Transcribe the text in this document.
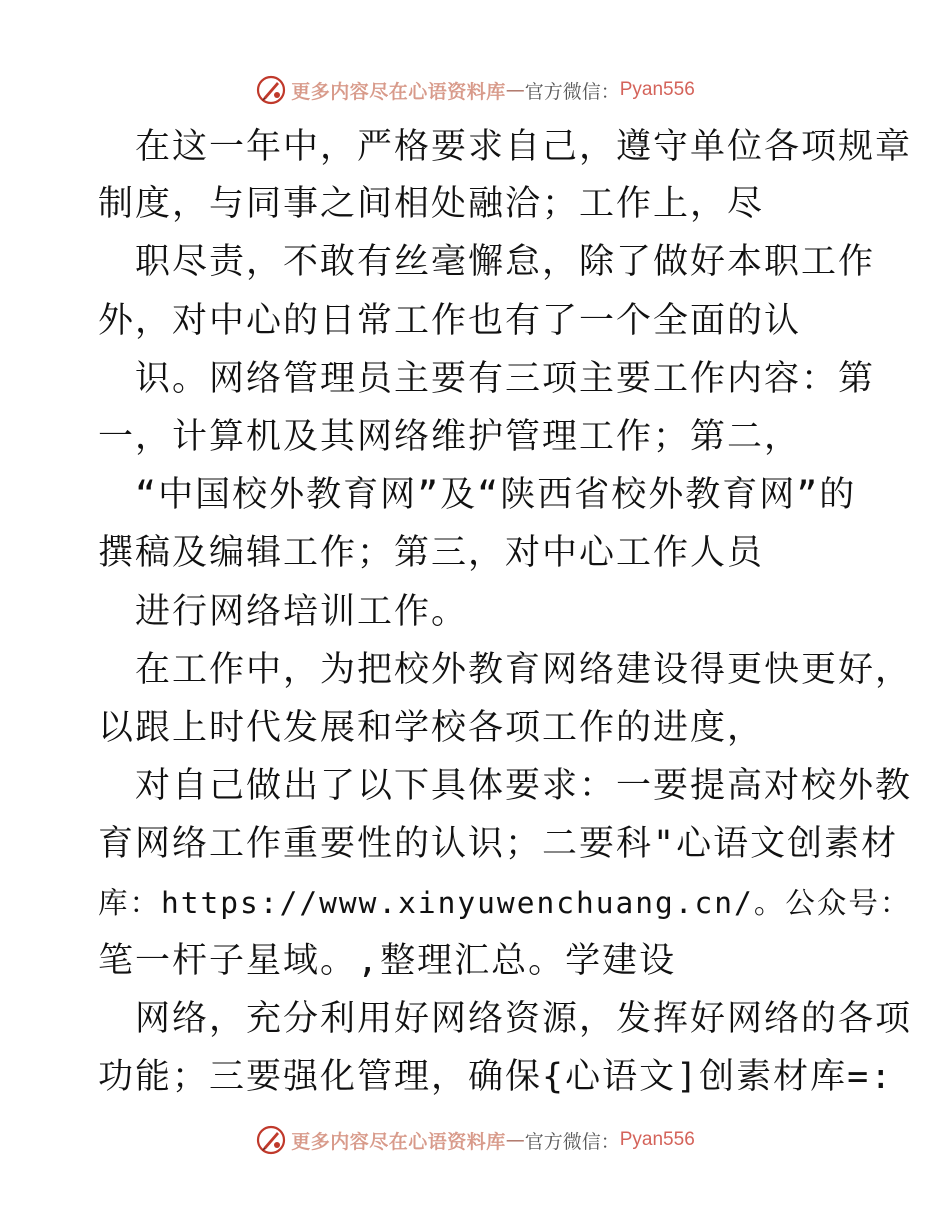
更多内容尽在心语资料库 — 官方微信： Pyan556
　在这一年中，严格要求自己，遵守单位各项规章
制度，与同事之间相处融洽；工作上，尽
　职尽责，不敢有丝毫懈怠，除了做好本职工作
外，对中心的日常工作也有了一个全面的认
　识。网络管理员主要有三项主要工作内容：第
一，计算机及其网络维护管理工作；第二，
　“中国校外教育网”及“陕西省校外教育网”的
撰稿及编辑工作；第三，对中心工作人员
　进行网络培训工作。
　在工作中，为把校外教育网络建设得更快更好，
以跟上时代发展和学校各项工作的进度，
　对自己做出了以下具体要求：一要提高对校外教
育网络工作重要性的认识；二要科"心语文创素材
库：https://www.xinyuwenchuang.cn/。公众号：
笔一杆子星域。,整理汇总。学建设
　网络，充分利用好网络资源，发挥好网络的各项
功能；三要强化管理，确保{心语文]创素材库=:
更多内容尽在心语资料库 — 官方微信： Pyan556
